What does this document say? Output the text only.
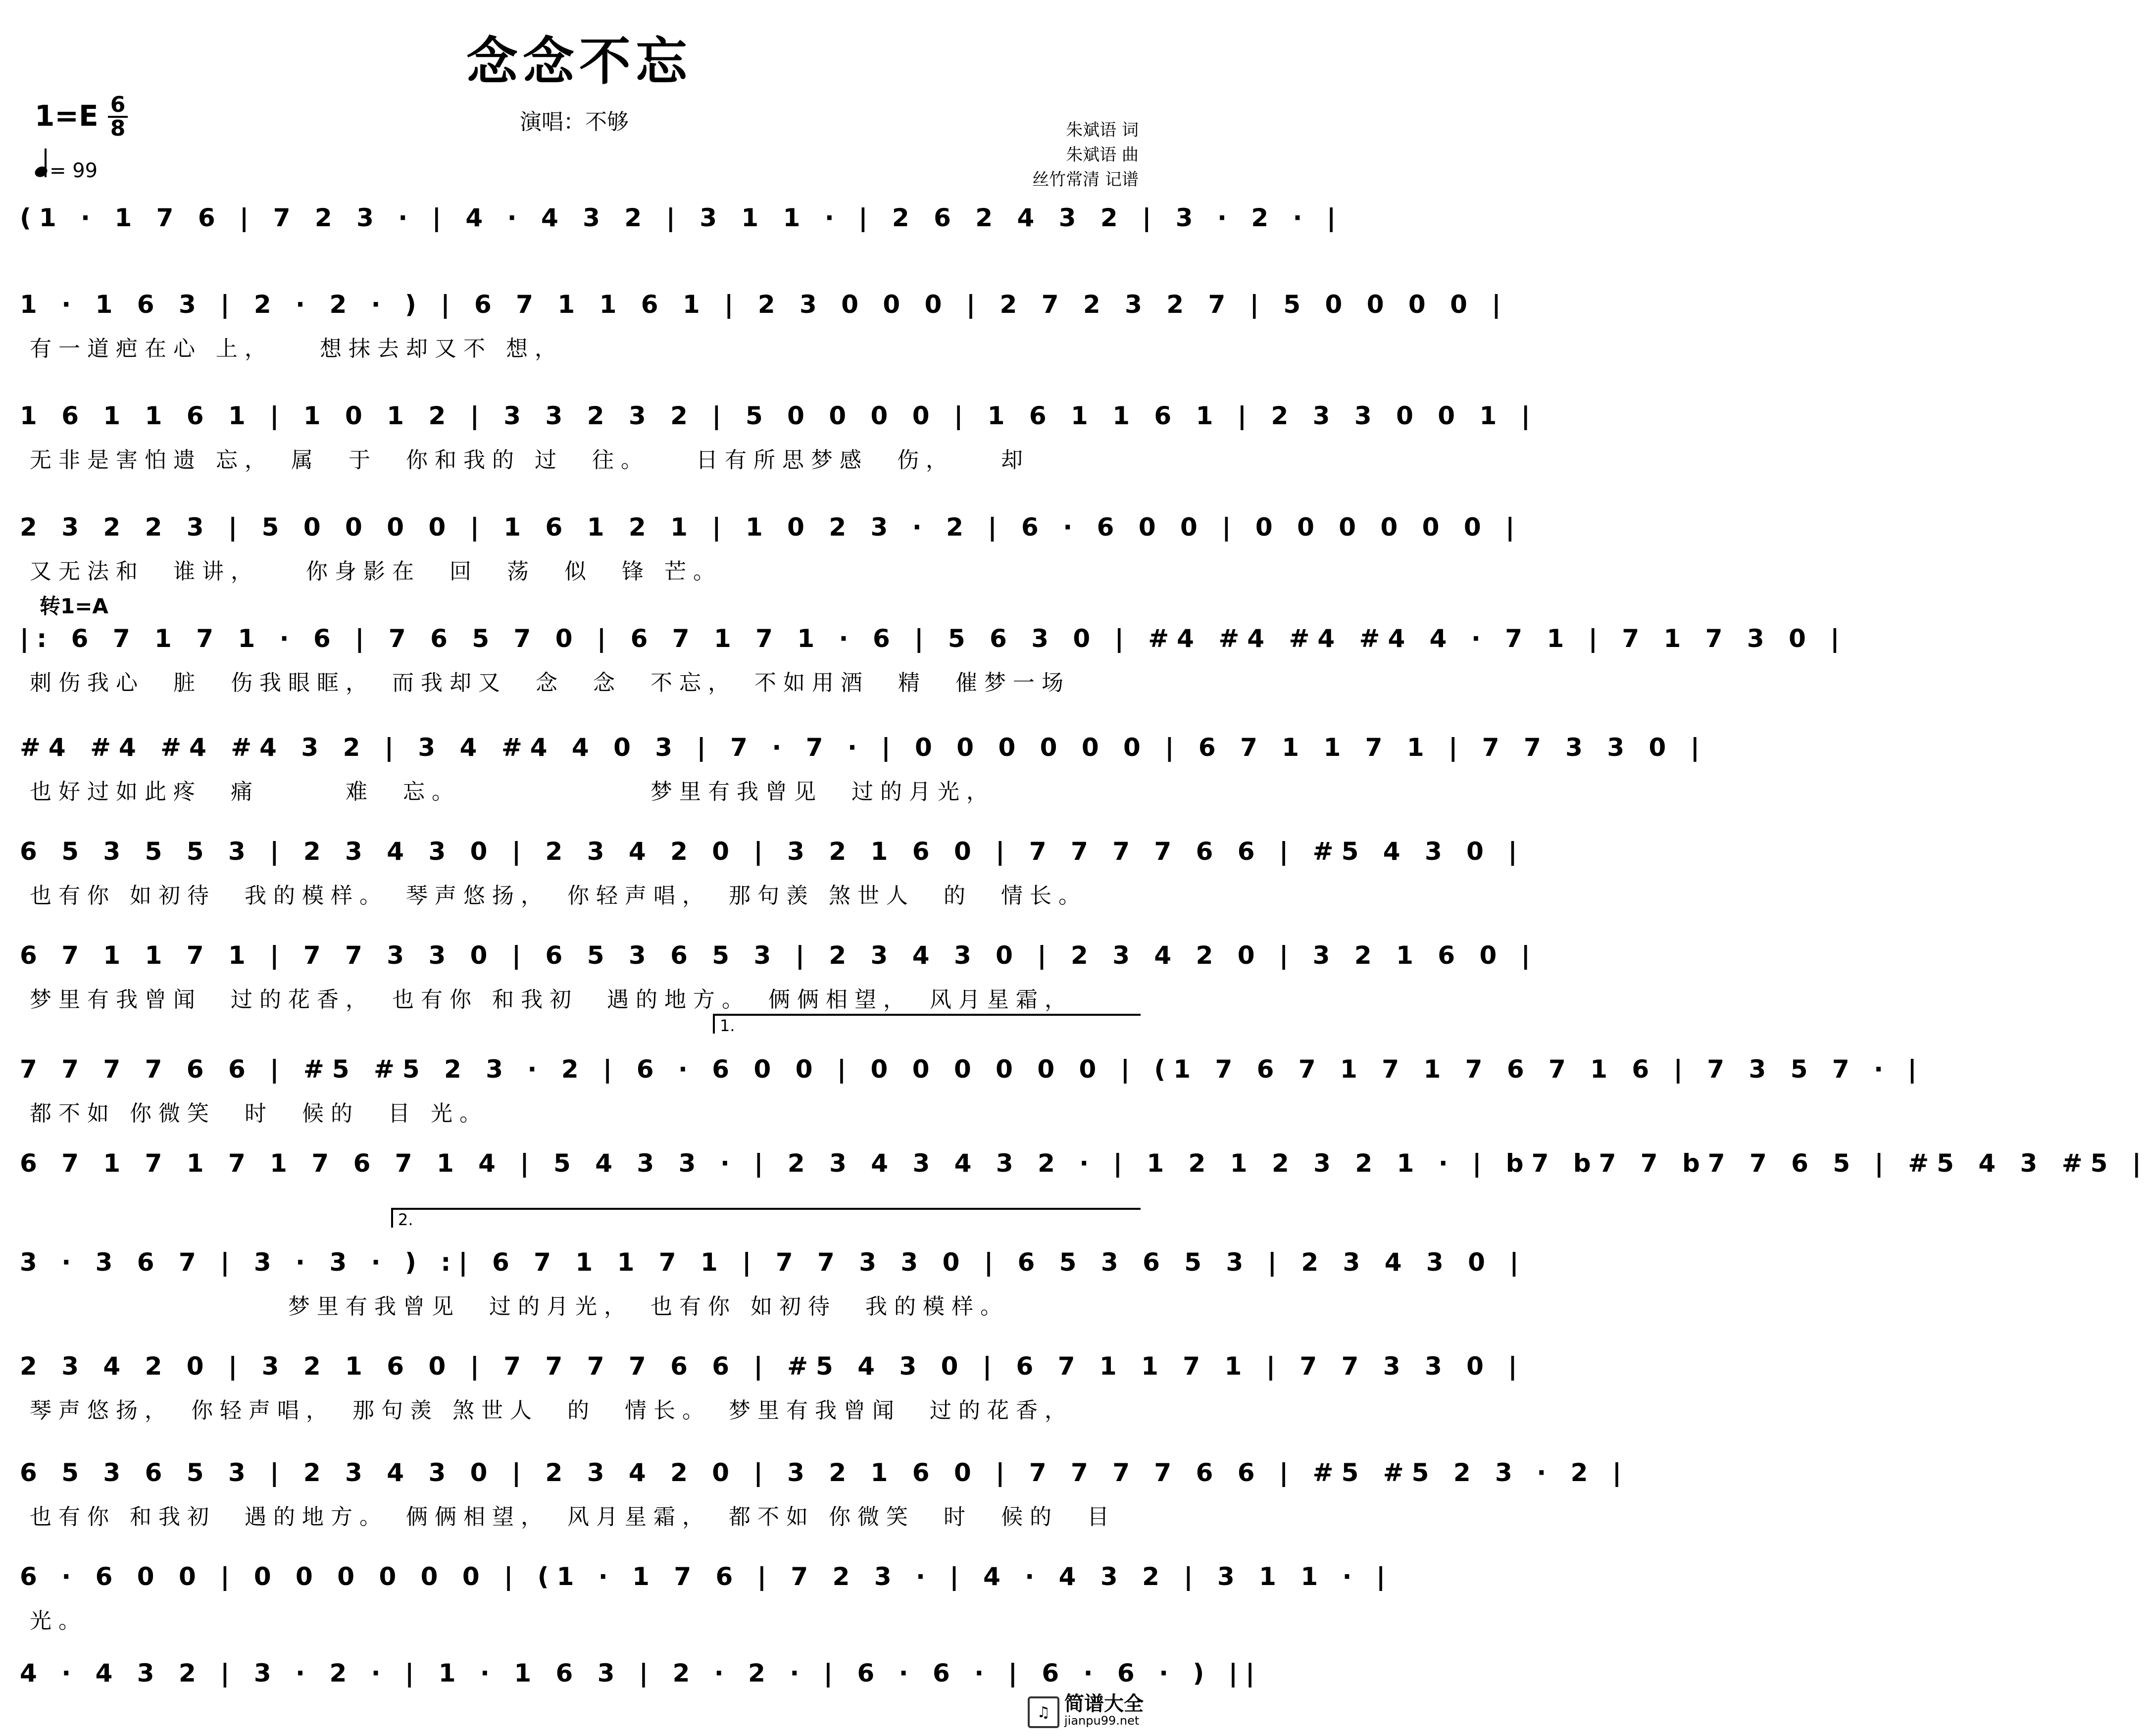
念念不忘
1=E 6
8
= 99
演唱：不够	朱斌语 词
朱斌语 曲
丝竹常清 记谱
转1=A
1.
2.
(1 · 1 7 6 | 7 2 3 · | 4 · 4 3 2 | 3 1 1 · | 2 6 2 4 3 2 | 3 · 2 · |
1 · 1 6 3 | 2 · 2 · ) | 6 7 1 1 6 1 | 2 3 0 0 0 | 2 7 2 3 2 7 | 5 0 0 0 0 |
有一道疤在心 上，　　想抹去却又不 想，
1 6 1 1 6 1 | 1 0 1 2 | 3 3 2 3 2 | 5 0 0 0 0 | 1 6 1 1 6 1 | 2 3 3 0 0 1 |
无非是害怕遗 忘，　属　于　你和我的 过　往。　　日有所思梦感　伤，　　却
2 3 2 2 3 | 5 0 0 0 0 | 1 6 1 2 1 | 1 0 2 3 · 2 | 6 · 6 0 0 | 0 0 0 0 0 0 |
又无法和　谁讲，　　你身影在　回　荡　似　锋 芒。
|: 6 7 1 7 1 · 6 | 7 6 5 7 0 | 6 7 1 7 1 · 6 | 5 6 3 0 | #4 #4 #4 #4 4 · 7 1 | 7 1 7 3 0 |
刺伤我心　脏　伤我眼眶，　而我却又　念　念　不忘，　不如用酒　精　催梦一场
#4 #4 #4 #4 3 2 | 3 4 #4 4 0 3 | 7 · 7 · | 0 0 0 0 0 0 | 6 7 1 1 7 1 | 7 7 3 3 0 |
也好过如此疼　痛　　　难　忘。　　　　　　　梦里有我曾见　过的月光，
6 5 3 5 5 3 | 2 3 4 3 0 | 2 3 4 2 0 | 3 2 1 6 0 | 7 7 7 7 6 6 | #5 4 3 0 |
也有你 如初待　我的模样。　琴声悠扬，　你轻声唱，　那句羡 煞世人　的　情长。
6 7 1 1 7 1 | 7 7 3 3 0 | 6 5 3 6 5 3 | 2 3 4 3 0 | 2 3 4 2 0 | 3 2 1 6 0 |
梦里有我曾闻　过的花香，　也有你 和我初　遇的地方。　俩俩相望，　风月星霜，
7 7 7 7 6 6 | #5 #5 2 3 · 2 | 6 · 6 0 0 | 0 0 0 0 0 0 | (1 7 6 7 1 7 1 7 6 7 1 6 | 7 3 5 7 · |
都不如 你微笑　时　候的　目 光。
6 7 1 7 1 7 1 7 6 7 1 4 | 5 4 3 3 · | 2 3 4 3 4 3 2 · | 1 2 1 2 3 2 1 · | b7 b7 7 b7 7 6 5 | #5 4 3 #5 |
3 · 3 6 7 | 3 · 3 · ) :| 6 7 1 1 7 1 | 7 7 3 3 0 | 6 5 3 6 5 3 | 2 3 4 3 0 |
　　　　　　　　　梦里有我曾见　过的月光，　也有你 如初待　我的模样。
2 3 4 2 0 | 3 2 1 6 0 | 7 7 7 7 6 6 | #5 4 3 0 | 6 7 1 1 7 1 | 7 7 3 3 0 |
琴声悠扬，　你轻声唱，　那句羡 煞世人　的　情长。　梦里有我曾闻　过的花香，
6 5 3 6 5 3 | 2 3 4 3 0 | 2 3 4 2 0 | 3 2 1 6 0 | 7 7 7 7 6 6 | #5 #5 2 3 · 2 |
也有你 和我初　遇的地方。　俩俩相望，　风月星霜，　都不如 你微笑　时　候的　目
6 · 6 0 0 | 0 0 0 0 0 0 | (1 · 1 7 6 | 7 2 3 · | 4 · 4 3 2 | 3 1 1 · |
光。
4 · 4 3 2 | 3 · 2 · | 1 · 1 6 3 | 2 · 2 · | 6 · 6 · | 6 · 6 · ) ||
♫ 简谱大全
jianpu99.net
